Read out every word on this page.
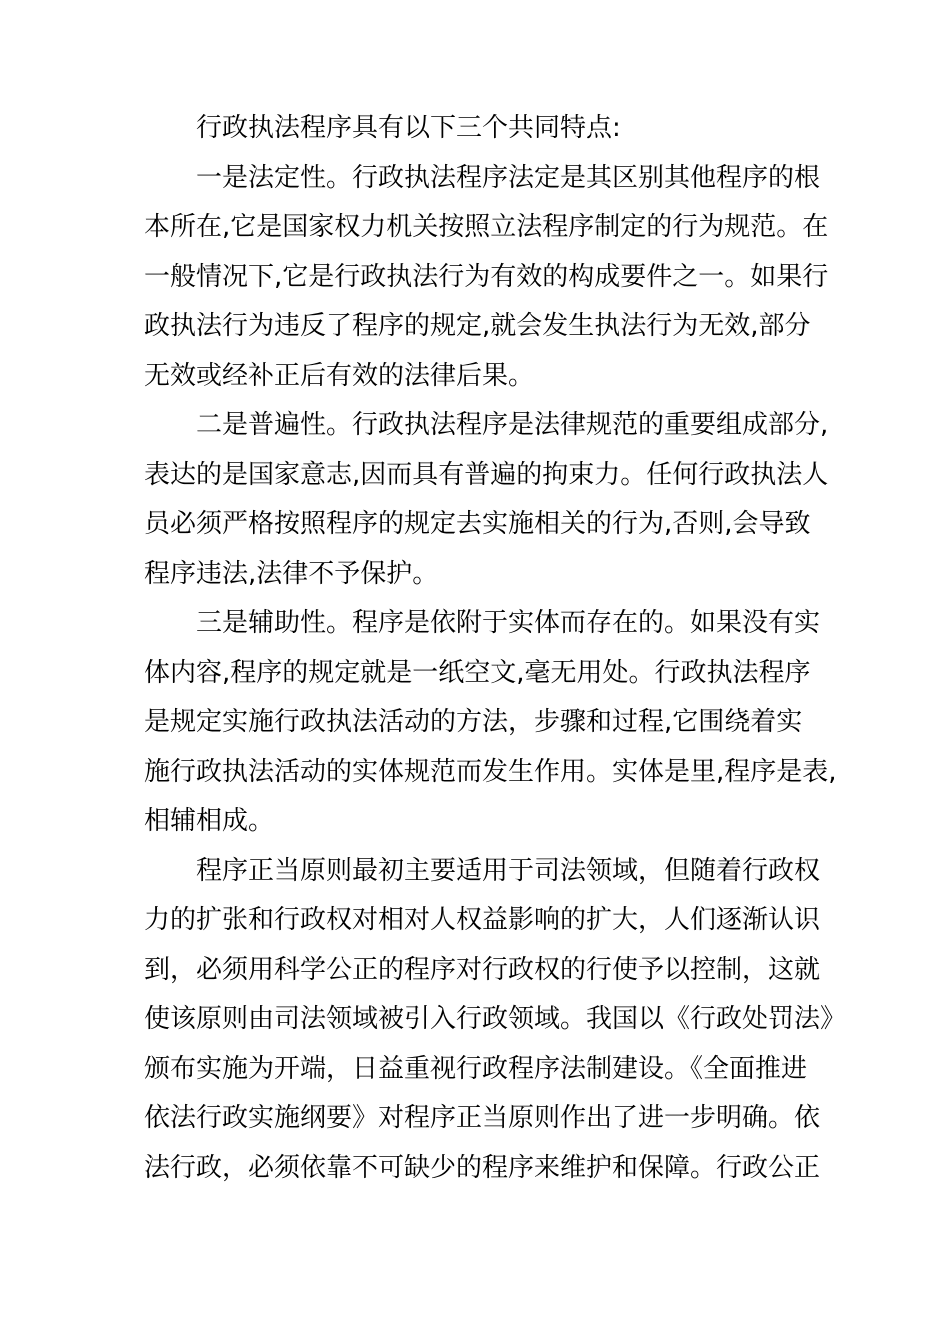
行政执法程序具有以下三个共同特点:
一是法定性。行政执法程序法定是其区别其他程序的根
本所在,它是国家权力机关按照立法程序制定的行为规范。在
一般情况下,它是行政执法行为有效的构成要件之一。如果行
政执法行为违反了程序的规定,就会发生执法行为无效,部分
无效或经补正后有效的法律后果。
二是普遍性。行政执法程序是法律规范的重要组成部分,
表达的是国家意志,因而具有普遍的拘束力。任何行政执法人
员必须严格按照程序的规定去实施相关的行为,否则,会导致
程序违法,法律不予保护。
三是辅助性。程序是依附于实体而存在的。如果没有实
体内容,程序的规定就是一纸空文,毫无用处。行政执法程序
是规定实施行政执法活动的方法，步骤和过程,它围绕着实
施行政执法活动的实体规范而发生作用。实体是里,程序是表,
相辅相成。
程序正当原则最初主要适用于司法领域，但随着行政权
力的扩张和行政权对相对人权益影响的扩大，人们逐渐认识
到，必须用科学公正的程序对行政权的行使予以控制，这就
使该原则由司法领域被引入行政领域。我国以《行政处罚法》
颁布实施为开端，日益重视行政程序法制建设。《全面推进
依法行政实施纲要》对程序正当原则作出了进一步明确。依
法行政，必须依靠不可缺少的程序来维护和保障。行政公正
